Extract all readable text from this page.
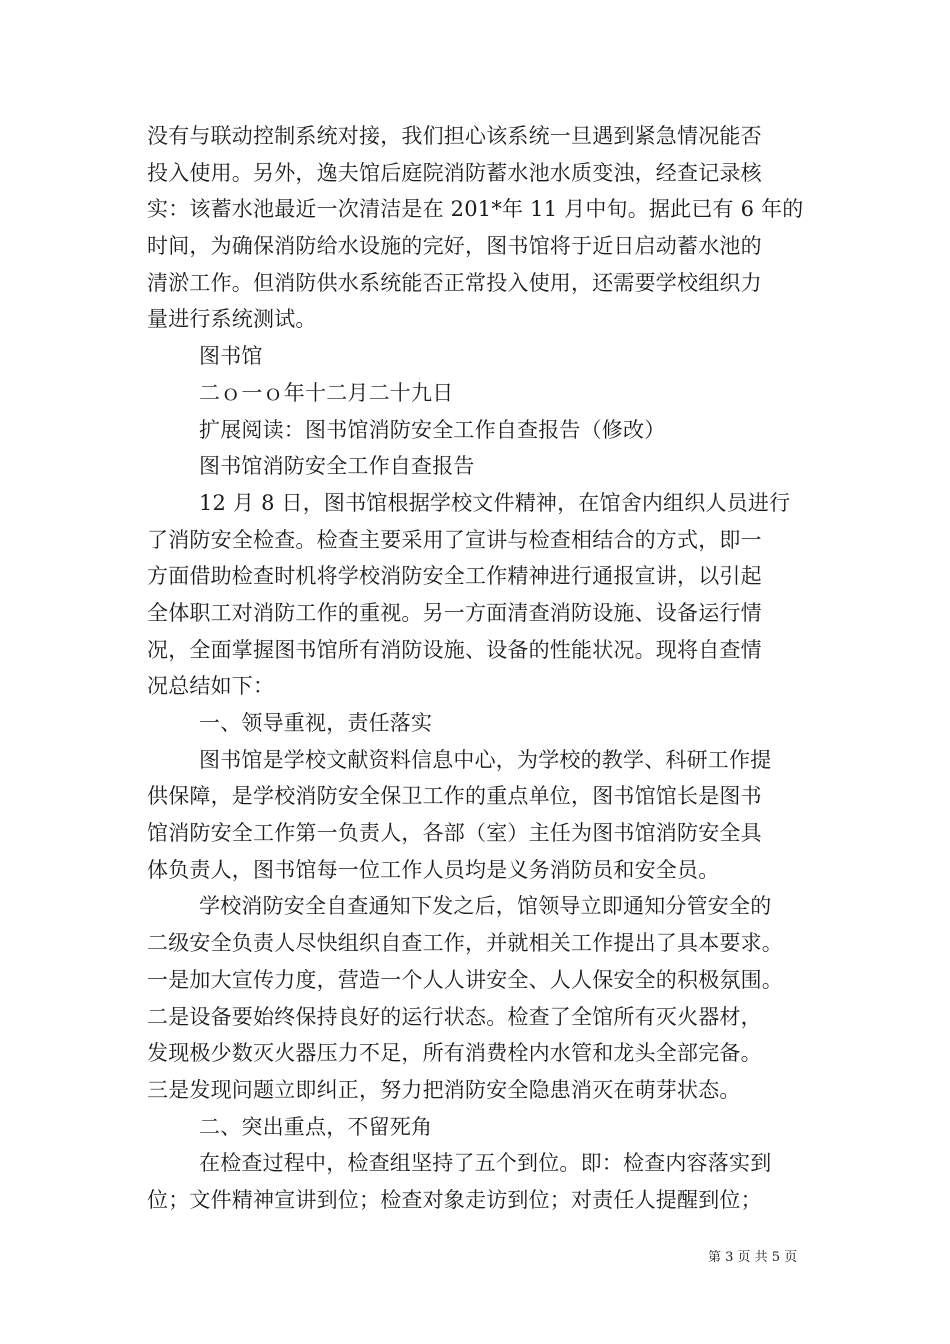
没有与联动控制系统对接，我们担心该系统一旦遇到紧急情况能否
投入使用。另外，逸夫馆后庭院消防蓄水池水质变浊，经查记录核
实：该蓄水池最近一次清洁是在 201*年 11 月中旬。据此已有 6 年的
时间，为确保消防给水设施的完好，图书馆将于近日启动蓄水池的
清淤工作。但消防供水系统能否正常投入使用，还需要学校组织力
量进行系统测试。
图书馆
二ｏ一ｏ年十二月二十九日
扩展阅读：图书馆消防安全工作自查报告（修改）
图书馆消防安全工作自查报告
12 月 8 日，图书馆根据学校文件精神，在馆舍内组织人员进行
了消防安全检查。检查主要采用了宣讲与检查相结合的方式，即一
方面借助检查时机将学校消防安全工作精神进行通报宣讲，以引起
全体职工对消防工作的重视。另一方面清查消防设施、设备运行情
况，全面掌握图书馆所有消防设施、设备的性能状况。现将自查情
况总结如下：
一、领导重视，责任落实
图书馆是学校文献资料信息中心，为学校的教学、科研工作提
供保障，是学校消防安全保卫工作的重点单位，图书馆馆长是图书
馆消防安全工作第一负责人，各部（室）主任为图书馆消防安全具
体负责人，图书馆每一位工作人员均是义务消防员和安全员。
学校消防安全自查通知下发之后，馆领导立即通知分管安全的
二级安全负责人尽快组织自查工作，并就相关工作提出了具本要求。
一是加大宣传力度，营造一个人人讲安全、人人保安全的积极氛围。
二是设备要始终保持良好的运行状态。检查了全馆所有灭火器材，
发现极少数灭火器压力不足，所有消费栓内水管和龙头全部完备。
三是发现问题立即纠正，努力把消防安全隐患消灭在萌芽状态。
二、突出重点，不留死角
在检查过程中，检查组坚持了五个到位。即：检查内容落实到
位；文件精神宣讲到位；检查对象走访到位；对责任人提醒到位；
第 3 页 共 5 页
